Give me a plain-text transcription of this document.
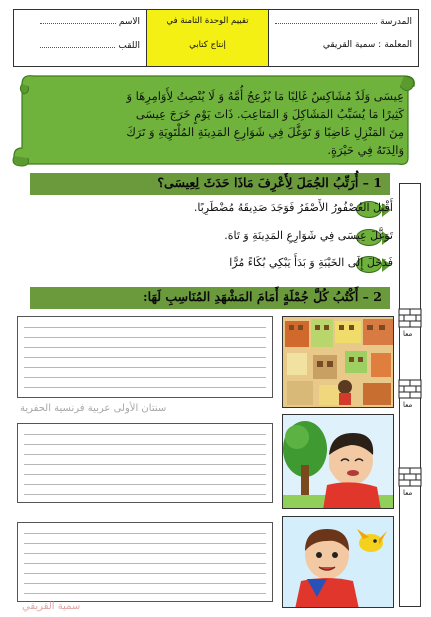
المدرسة
المعلمة
: سمية القريقي
تقييم الوحدة الثامنة في
إنتاج كتابي
الاسم
اللقب
عِيسَى وَلَدٌ مُشَاكِسٌ غَالِبًا مَا يُزْعِجُ أُمَّهُ وَ لَا يُنْصِتُ لِأَوَامِرِهَا وَ
كَثِيرًا مَا يُسَبِّبُ المَشَاكِلَ وَ المَتَاعِبَ. ذَاتَ يَوْمٍ خَرَجَ عِيسَى
مِنَ المَنْزِلِ غَاضِبًا وَ تَوَغَّلَ فِي شَوَارِعِ المَدِينَةِ المُلْتَوِيَةِ وَ تَرَكَ
وَالِدَتَهُ فِي حَيْرَةٍ.
1 – أُرَتِّبُ الجُمَلَ لِأَعْرِفَ مَاذَا حَدَثَ لِعِيسَى؟
أَقْبَلَ العُصْفُورُ الأَصْفَرُ فَوَجَدَ صَدِيقَهُ مُضْطَرِبًا.
تَوَغَّلَ عِيسَى فِي شَوَارِعِ المَدِينَةِ وَ تَاهَ.
فَدَخَلَ إِلَى الخَيْبَةِ وَ بَدَأَ يَبْكِي بُكَاءً مُرًّا
2 – أَكْتُبُ كُلَّ جُمْلَةٍ أَمَامَ المَشْهَدِ المُنَاسِبِ لَهَا:
سنتان الأولى عربية فرنسية الحفرية
سمية القريقي
معا
معا
معا
